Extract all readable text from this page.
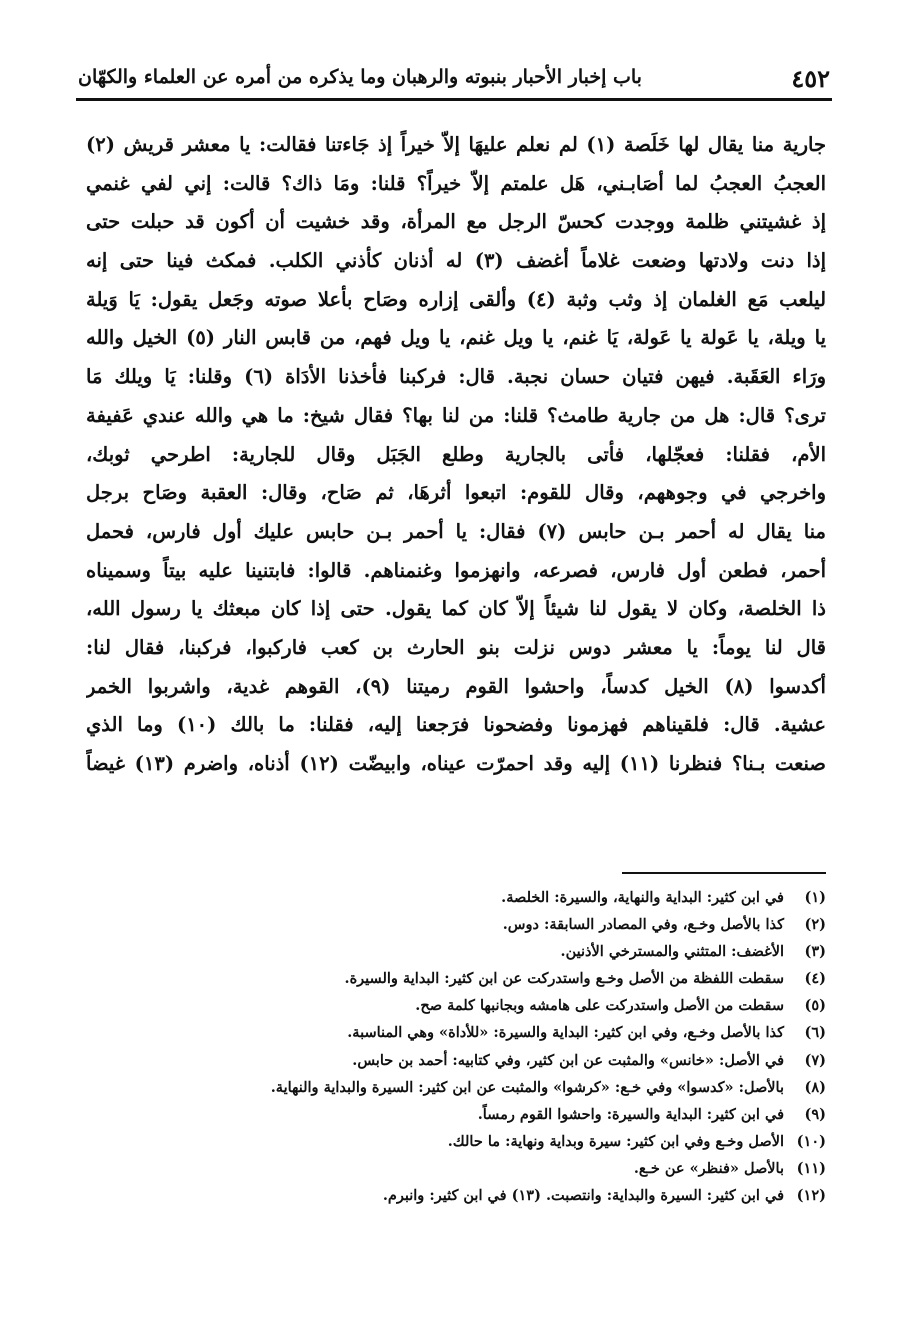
٤٥٢
باب إخبار الأحبار بنبوته والرهبان وما يذكره من أمره عن العلماء والكهّان
جارية منا يقال لها خَلَصة (١) لم نعلم عليهَا إلاّ خيراً إذ جَاءتنا فقالت: يا معشر قريش (٢)
العجبُ العجبُ لما أصَابـني، هَل علمتم إلاّ خيراً؟ قلنا: ومَا ذاك؟ قالت: إني لفي غنمي
إذ غشيتني ظلمة ووجدت كحسّ الرجل مع المرأة، وقد خشيت أن أكون قد حبلت حتى
إذا دنت ولادتها وضعت غلاماً أغضف (٣) له أذنان كأذني الكلب. فمكث فينا حتى إنه
ليلعب مَع الغلمان إذ وثب وثبة (٤) وألقى إزاره وصَاح بأعلا صوته وجَعل يقول: يَا وَيلة
يا ويلة، يا عَولة يا عَولة، يَا غنم، يا ويل غنم، يا ويل فهم، من قابس النار (٥) الخيل والله
ورَاء العَقَبة. فيهن فتيان حسان نجبة. قال: فركبنا فأخذنا الأدَاة (٦) وقلنا: يَا ويلك مَا
ترى؟ قال: هل من جارية طامث؟ قلنا: من لنا بها؟ فقال شيخ: ما هي والله عندي عَفيفة
الأم، فقلنا: فعجّلها، فأتى بالجارية وطلع الجَبَل وقال للجارية: اطرحي ثوبك،
واخرجي في وجوههم، وقال للقوم: اتبعوا أثرهَا، ثم صَاح، وقال: العقبة وصَاح برجل
منا يقال له أحمر بـن حابس (٧) فقال: يا أحمر بـن حابس عليك أول فارس، فحمل
أحمر، فطعن أول فارس، فصرعه، وانهزموا وغنمناهم. قالوا: فابتنينا عليه بيتاً وسميناه
ذا الخلصة، وكان لا يقول لنا شيئاً إلاّ كان كما يقول. حتى إذا كان مبعثك يا رسول الله،
قال لنا يوماً: يا معشر دوس نزلت بنو الحارث بن كعب فاركبوا، فركبنا، فقال لنا:
أكدسوا (٨) الخيل كدساً، واحشوا القوم رميتنا (٩)، القوهم غدية، واشربوا الخمر
عشية. قال: فلقيناهم فهزمونا وفضحونا فرَجعنا إليه، فقلنا: ما بالك (١٠) وما الذي
صنعت بـنا؟ فنظرنا (١١) إليه وقد احمرّت عيناه، وابيضّت (١٢) أذناه، واضرم (١٣) غيضاً
(١)في ابن كثير: البداية والنهاية، والسيرة: الخلصة.
(٢)كذا بالأصل وخـع، وفي المصادر السابقة: دوس.
(٣)الأغضف: المتثني والمسترخي الأذنين.
(٤)سقطت اللفظة من الأصل وخـع واستدركت عن ابن كثير: البداية والسيرة.
(٥)سقطت من الأصل واستدركت على هامشه وبجانبها كلمة صح.
(٦)كذا بالأصل وخـع، وفي ابن كثير: البداية والسيرة: «للأداة» وهي المناسبة.
(٧)في الأصل: «خانس» والمثبت عن ابن كثير، وفي كتابيه: أحمد بن حابس.
(٨)بالأصل: «كدسوا» وفي خـع: «كرشوا» والمثبت عن ابن كثير: السيرة والبداية والنهاية.
(٩)في ابن كثير: البداية والسيرة: واحشوا القوم رمساً.
(١٠)الأصل وخـع وفي ابن كثير: سيرة وبداية ونهاية: ما حالك.
(١١)بالأصل «فنظر» عن خـع.
(١٢)في ابن كثير: السيرة والبداية: وانتصبت. (١٣) في ابن كثير: وانبرم.
